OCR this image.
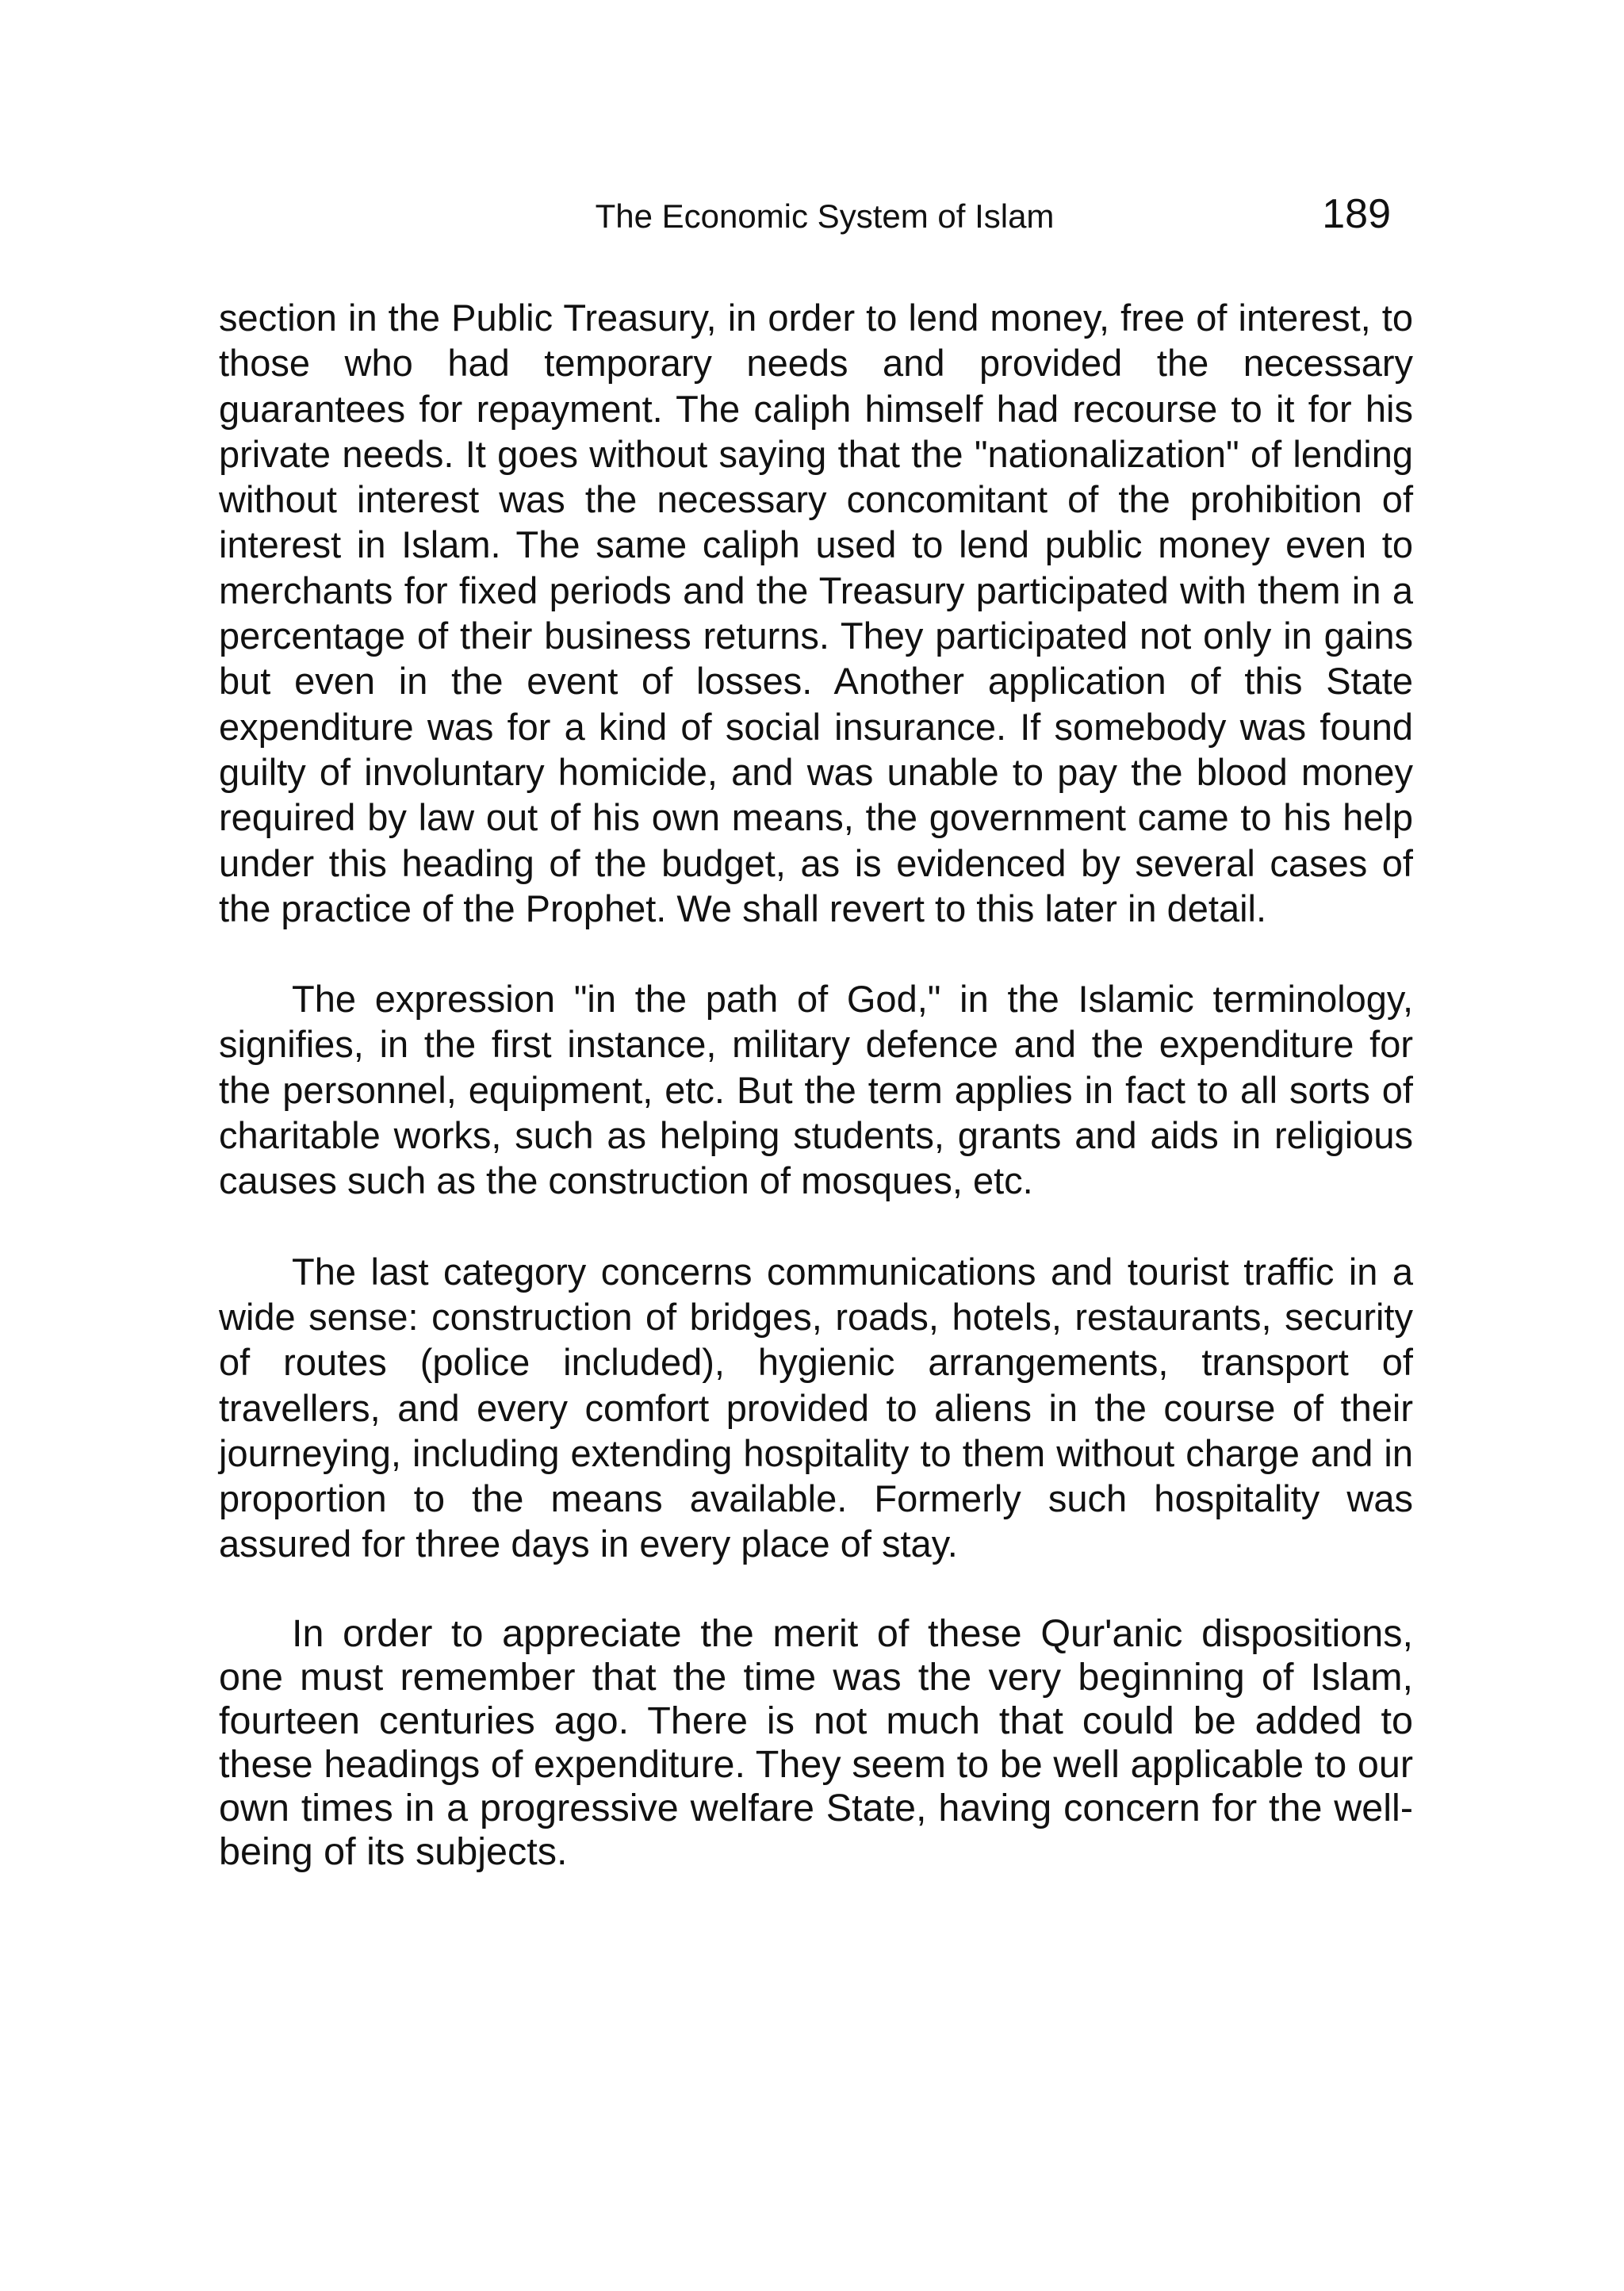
The Economic System of Islam	189

section in the Public Treasury, in order to lend money, free of interest, to those who had temporary needs and provided the necessary guarantees for repayment. The caliph himself had recourse to it for his private needs. It goes without saying that the "nationalization" of lending without interest was the necessary concomitant of the prohibition of interest in Islam. The same caliph used to lend public money even to merchants for fixed periods and the Treasury participated with them in a percentage of their business returns. They participated not only in gains but even in the event of losses. Another application of this State expenditure was for a kind of social insurance. If somebody was found guilty of involuntary homicide, and was unable to pay the blood money required by law out of his own means, the government came to his help under this heading of the budget, as is evidenced by several cases of the practice of the Prophet. We shall revert to this later in detail.

The expression "in the path of God," in the Islamic terminology, signifies, in the first instance, military defence and the expenditure for the personnel, equipment, etc. But the term applies in fact to all sorts of charitable works, such as helping students, grants and aids in religious causes such as the construction of mosques, etc.

The last category concerns communications and tourist traffic in a wide sense: construction of bridges, roads, hotels, restaurants, security of routes (police included), hygienic arrangements, transport of travellers, and every comfort provided to aliens in the course of their journeying, including extending hospitality to them without charge and in proportion to the means available. Formerly such hospitality was assured for three days in every place of stay.

In order to appreciate the merit of these Qur'anic dispositions, one must remember that the time was the very beginning of Islam, fourteen centuries ago. There is not much that could be added to these headings of expenditure. They seem to be well applicable to our own times in a progressive welfare State, having concern for the well-being of its subjects.
